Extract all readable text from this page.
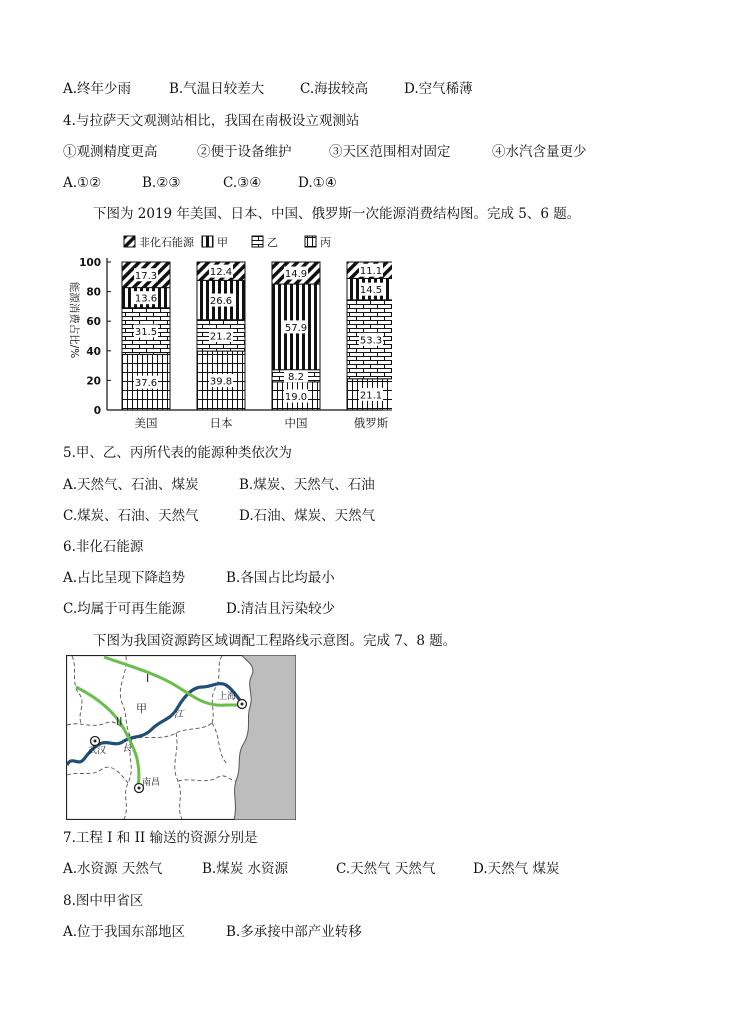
A.终年少雨	B.气温日较差大	C.海拔较高	D.空气稀薄
4.与拉萨天文观测站相比，我国在南极设立观测站
①观测精度更高	②便于设备维护	③天区范围相对固定	④水汽含量更少
A.①②	B.②③	C.③④	D.①④
下图为 2019 年美国、日本、中国、俄罗斯一次能源消费结构图。完成 5、6 题。
非化石能源 甲	乙	丙
能源消费占比/%
0
20
40
60
80
100
37.6
31.5
13.6
17.3
39.8
21.2
26.6
12.4
19.0
8.2
57.9
14.9
21.1
53.3
14.5
11.1
美国	日本	中国	俄罗斯
5.甲、乙、丙所代表的能源种类依次为
A.天然气、石油、煤炭	B.煤炭、天然气、石油
C.煤炭、石油、天然气	D.石油、煤炭、天然气
6.非化石能源
A.占比呈现下降趋势	B.各国占比均最小
C.均属于可再生能源	D.清洁且污染较少
下图为我国资源跨区域调配工程路线示意图。完成 7、8 题。
I
II
甲	江
长
上海
武汉
南昌
7.工程 I 和 II 输送的资源分别是
A.水资源 天然气	B.煤炭 水资源	C.天然气 天然气	D.天然气 煤炭
8.图中甲省区
A.位于我国东部地区	B.多承接中部产业转移
